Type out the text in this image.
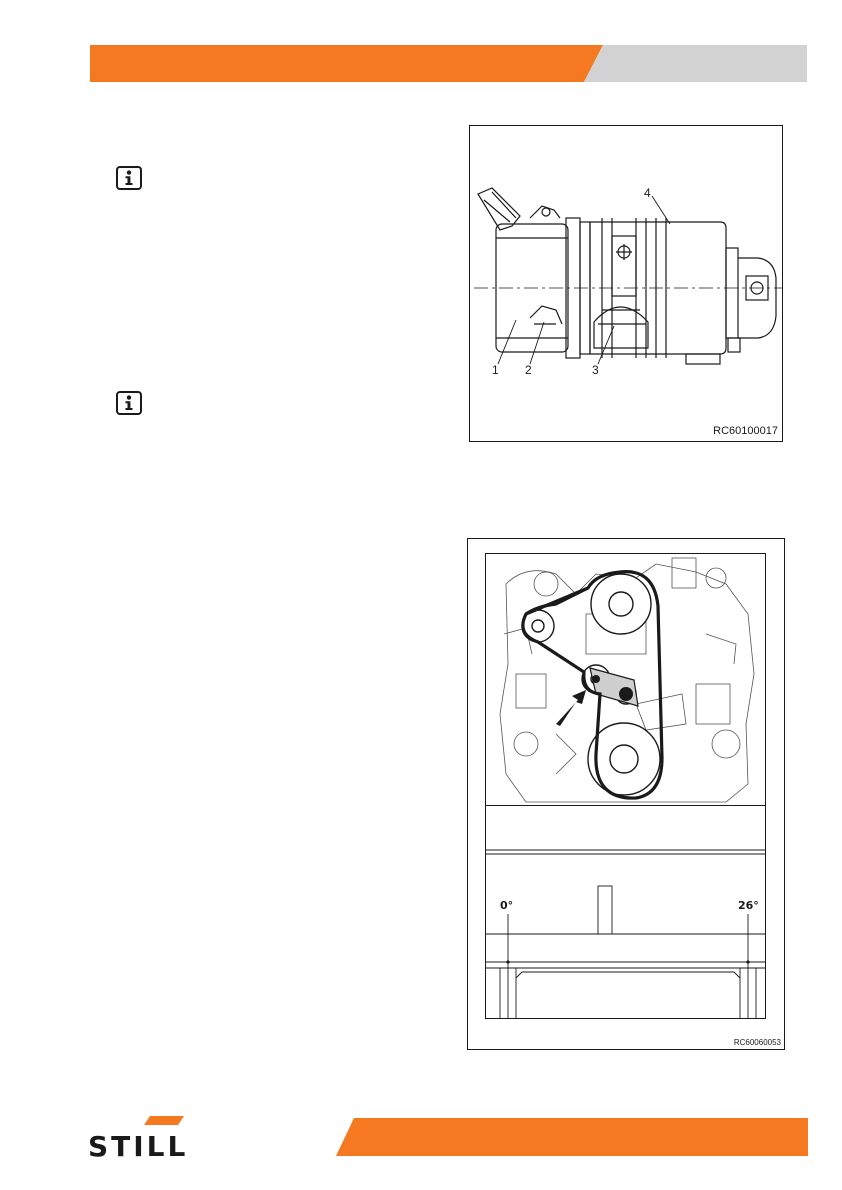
1 2	3
4
RC60100017
0°	26°
RC60060053
STILL
